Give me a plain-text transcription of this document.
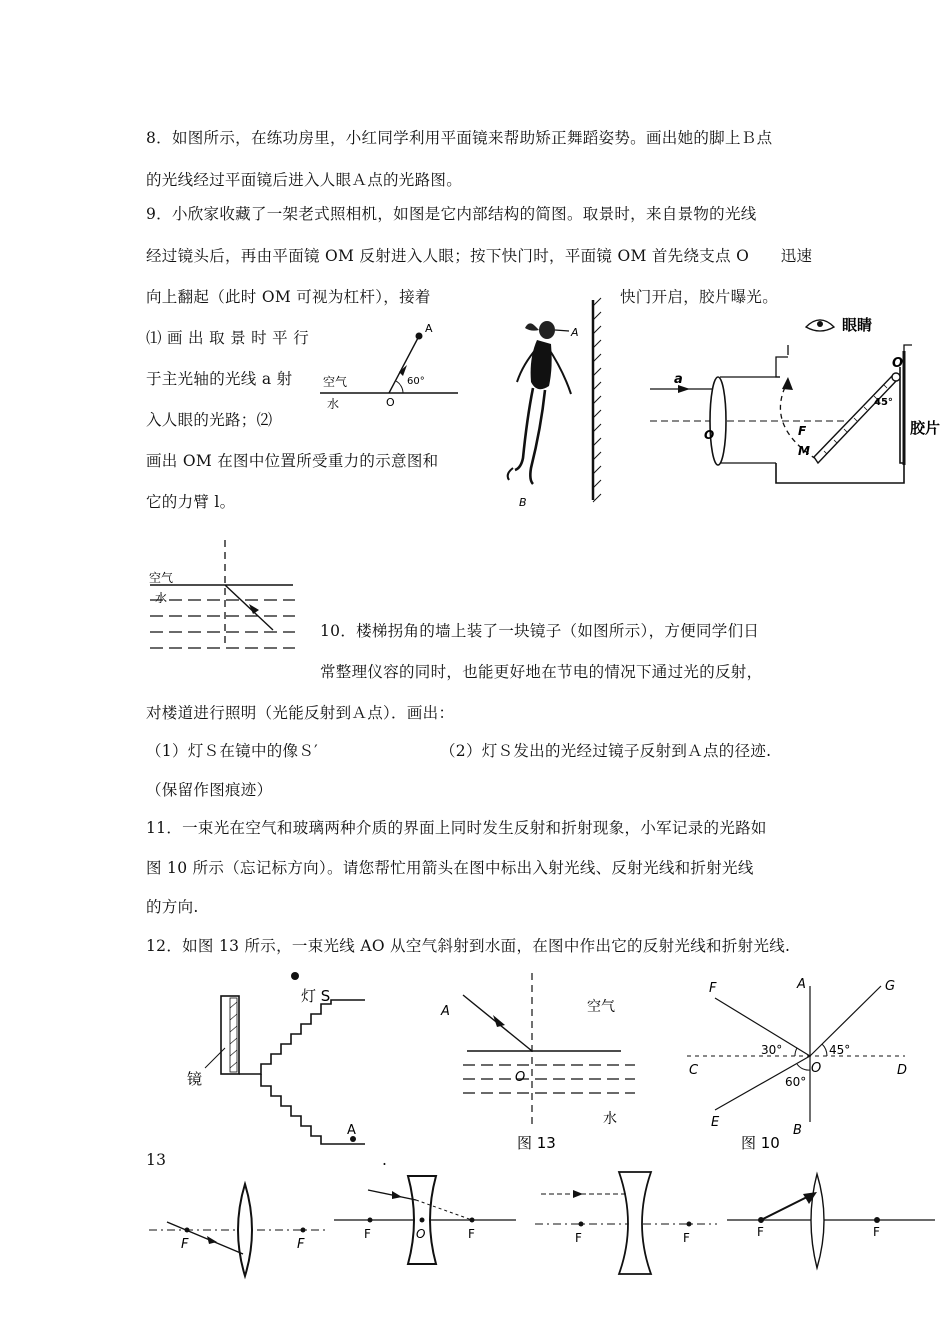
8．如图所示，在练功房里，小红同学利用平面镜来帮助矫正舞蹈姿势。画出她的脚上Ｂ点
的光线经过平面镜后进入人眼Ａ点的光路图。
9．小欣家收藏了一架老式照相机，如图是它内部结构的简图。取景时，来自景物的光线
经过镜头后，再由平面镜 OM 反射进入人眼；按下快门时，平面镜 OM 首先绕支点 O　　迅速
向上翻起（此时 OM 可视为杠杆），接着	快门开启，胶片曝光。
⑴ 画 出 取 景 时 平 行
于主光轴的光线 a 射
入人眼的光路；⑵
画出 OM 在图中位置所受重力的示意图和
它的力臂 l。
A
空气
水	O
60°
A
B
眼睛
a
O	F
O
M
45°
胶片
空气
水
10．楼梯拐角的墙上装了一块镜子（如图所示），方便同学们日
常整理仪容的同时，也能更好地在节电的情况下通过光的反射，
对楼道进行照明（光能反射到Ａ点）．画出：
（1）灯Ｓ在镜中的像Ｓ′	（2）灯Ｓ发出的光经过镜子反射到Ａ点的径迹.
（保留作图痕迹）
11．一束光在空气和玻璃两种介质的界面上同时发生反射和折射现象，小军记录的光路如
图 10 所示（忘记标方向）。请您帮忙用箭头在图中标出入射光线、反射光线和折射光线
的方向.
12．如图 13 所示，一束光线 AO 从空气斜射到水面，在图中作出它的反射光线和折射光线.
灯 S
镜
A
A	空气
O
水
图 13
F	A	G
C	O	D
E
B
30°	45°
60°
图 10
13	.
F	F
F	O	F	F	F	F	F
